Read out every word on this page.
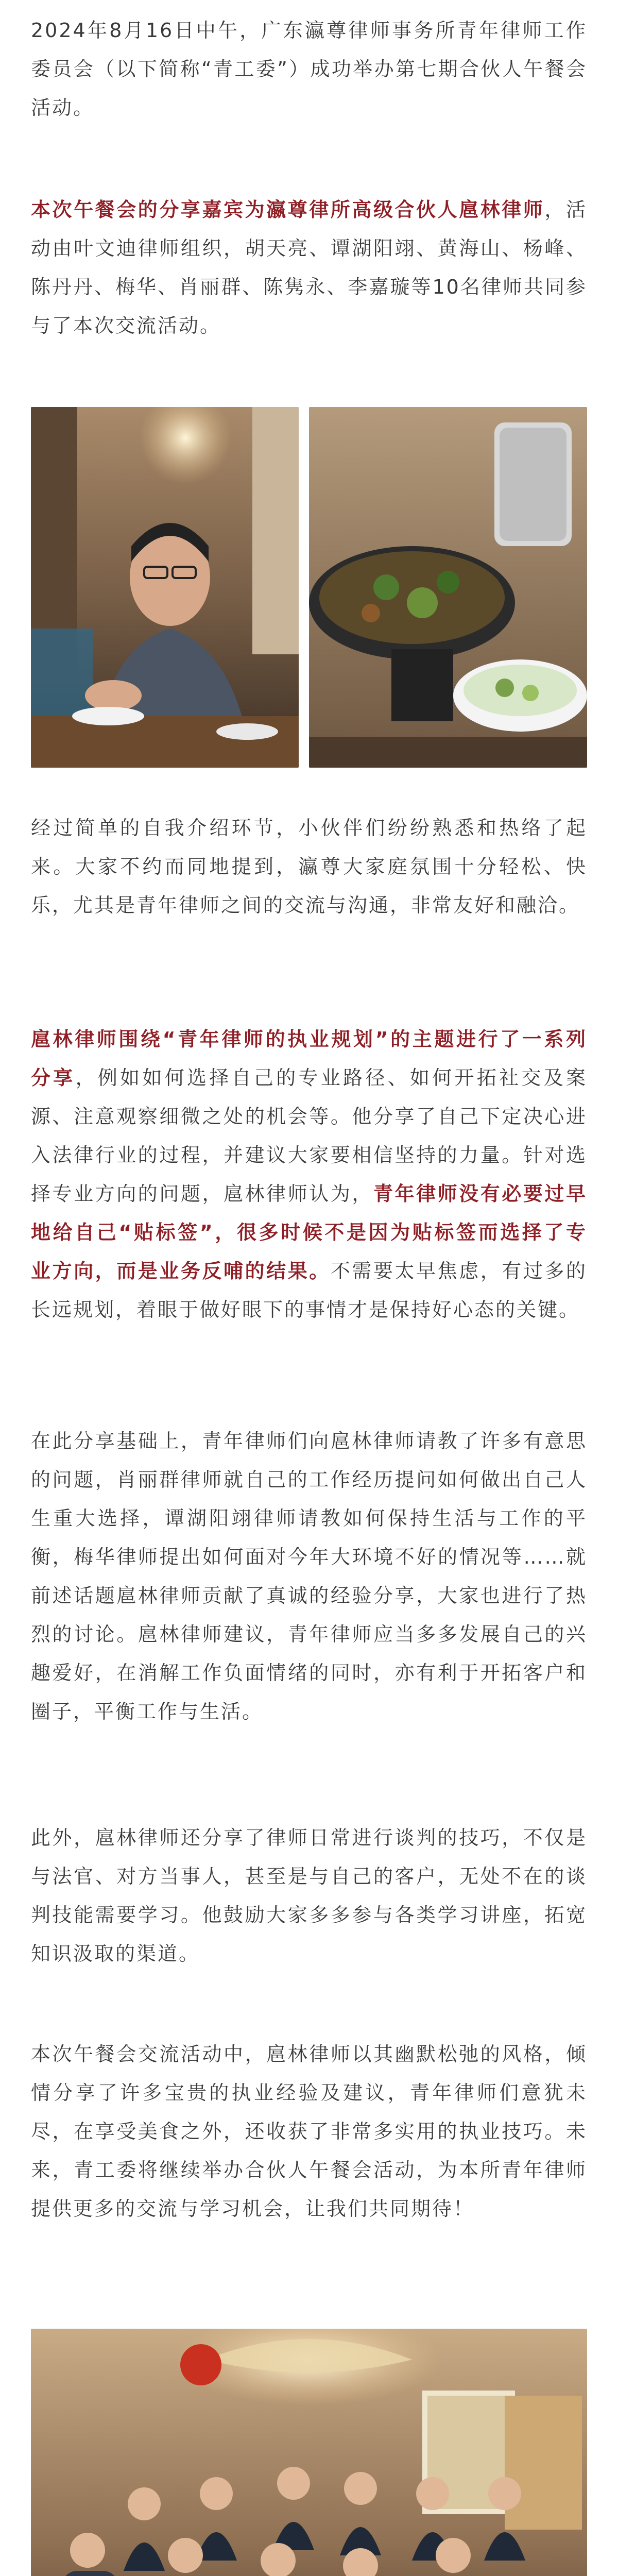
2024年8月16日中午，广东瀛尊律师事务所青年律师工作委员会（以下简称“青工委”）成功举办第七期合伙人午餐会活动。

本次午餐会的分享嘉宾为瀛尊律所高级合伙人扈林律师，活动由叶文迪律师组织，胡天亮、谭湖阳翊、黄海山、杨峰、陈丹丹、梅华、肖丽群、陈隽永、李嘉璇等10名律师共同参与了本次交流活动。

经过简单的自我介绍环节，小伙伴们纷纷熟悉和热络了起来。大家不约而同地提到，瀛尊大家庭氛围十分轻松、快乐，尤其是青年律师之间的交流与沟通，非常友好和融洽。

扈林律师围绕“青年律师的执业规划”的主题进行了一系列分享，例如如何选择自己的专业路径、如何开拓社交及案源、注意观察细微之处的机会等。他分享了自己下定决心进入法律行业的过程，并建议大家要相信坚持的力量。针对选择专业方向的问题，扈林律师认为，青年律师没有必要过早地给自己“贴标签”，很多时候不是因为贴标签而选择了专业方向，而是业务反哺的结果。不需要太早焦虑，有过多的长远规划，着眼于做好眼下的事情才是保持好心态的关键。

在此分享基础上，青年律师们向扈林律师请教了许多有意思的问题，肖丽群律师就自己的工作经历提问如何做出自己人生重大选择，谭湖阳翊律师请教如何保持生活与工作的平衡，梅华律师提出如何面对今年大环境不好的情况等……就前述话题扈林律师贡献了真诚的经验分享，大家也进行了热烈的讨论。扈林律师建议，青年律师应当多多发展自己的兴趣爱好，在消解工作负面情绪的同时，亦有利于开拓客户和圈子，平衡工作与生活。

此外，扈林律师还分享了律师日常进行谈判的技巧，不仅是与法官、对方当事人，甚至是与自己的客户，无处不在的谈判技能需要学习。他鼓励大家多多参与各类学习讲座，拓宽知识汲取的渠道。

本次午餐会交流活动中，扈林律师以其幽默松弛的风格，倾情分享了许多宝贵的执业经验及建议，青年律师们意犹未尽，在享受美食之外，还收获了非常多实用的执业技巧。未来，青工委将继续举办合伙人午餐会活动，为本所青年律师提供更多的交流与学习机会，让我们共同期待！
